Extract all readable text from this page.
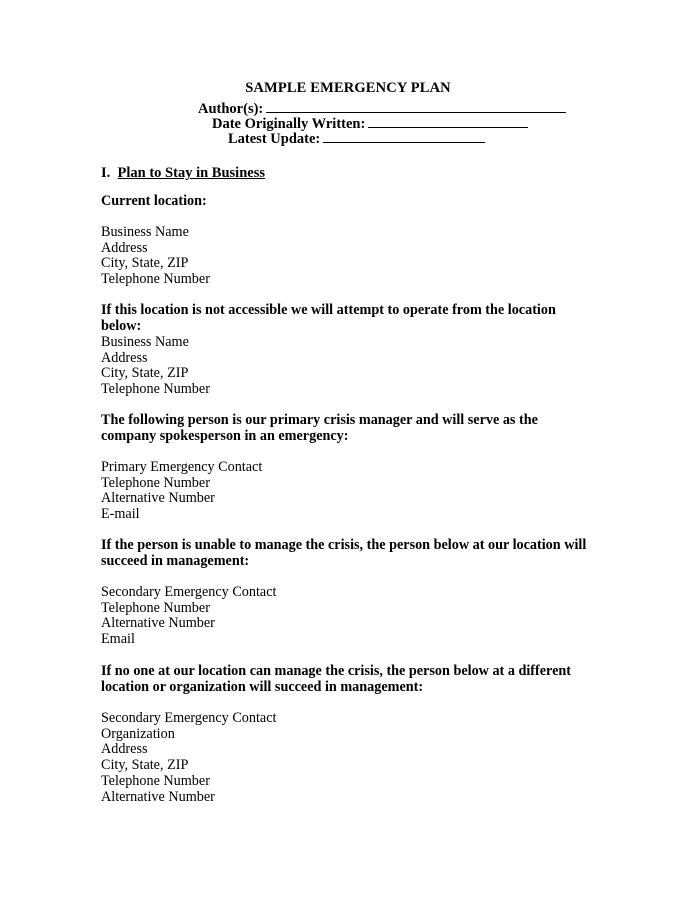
SAMPLE EMERGENCY PLAN
Author(s):
Date Originally Written:
Latest Update:
I. Plan to Stay in Business
Current location:
Business Name
Address
City, State, ZIP
Telephone Number
If this location is not accessible we will attempt to operate from the location below:
Business Name
Address
City, State, ZIP
Telephone Number
The following person is our primary crisis manager and will serve as the company spokesperson in an emergency:
Primary Emergency Contact
Telephone Number
Alternative Number
E-mail
If the person is unable to manage the crisis, the person below at our location will succeed in management:
Secondary Emergency Contact
Telephone Number
Alternative Number
Email
If no one at our location can manage the crisis, the person below at a different location or organization will succeed in management:
Secondary Emergency Contact
Organization
Address
City, State, ZIP
Telephone Number
Alternative Number
